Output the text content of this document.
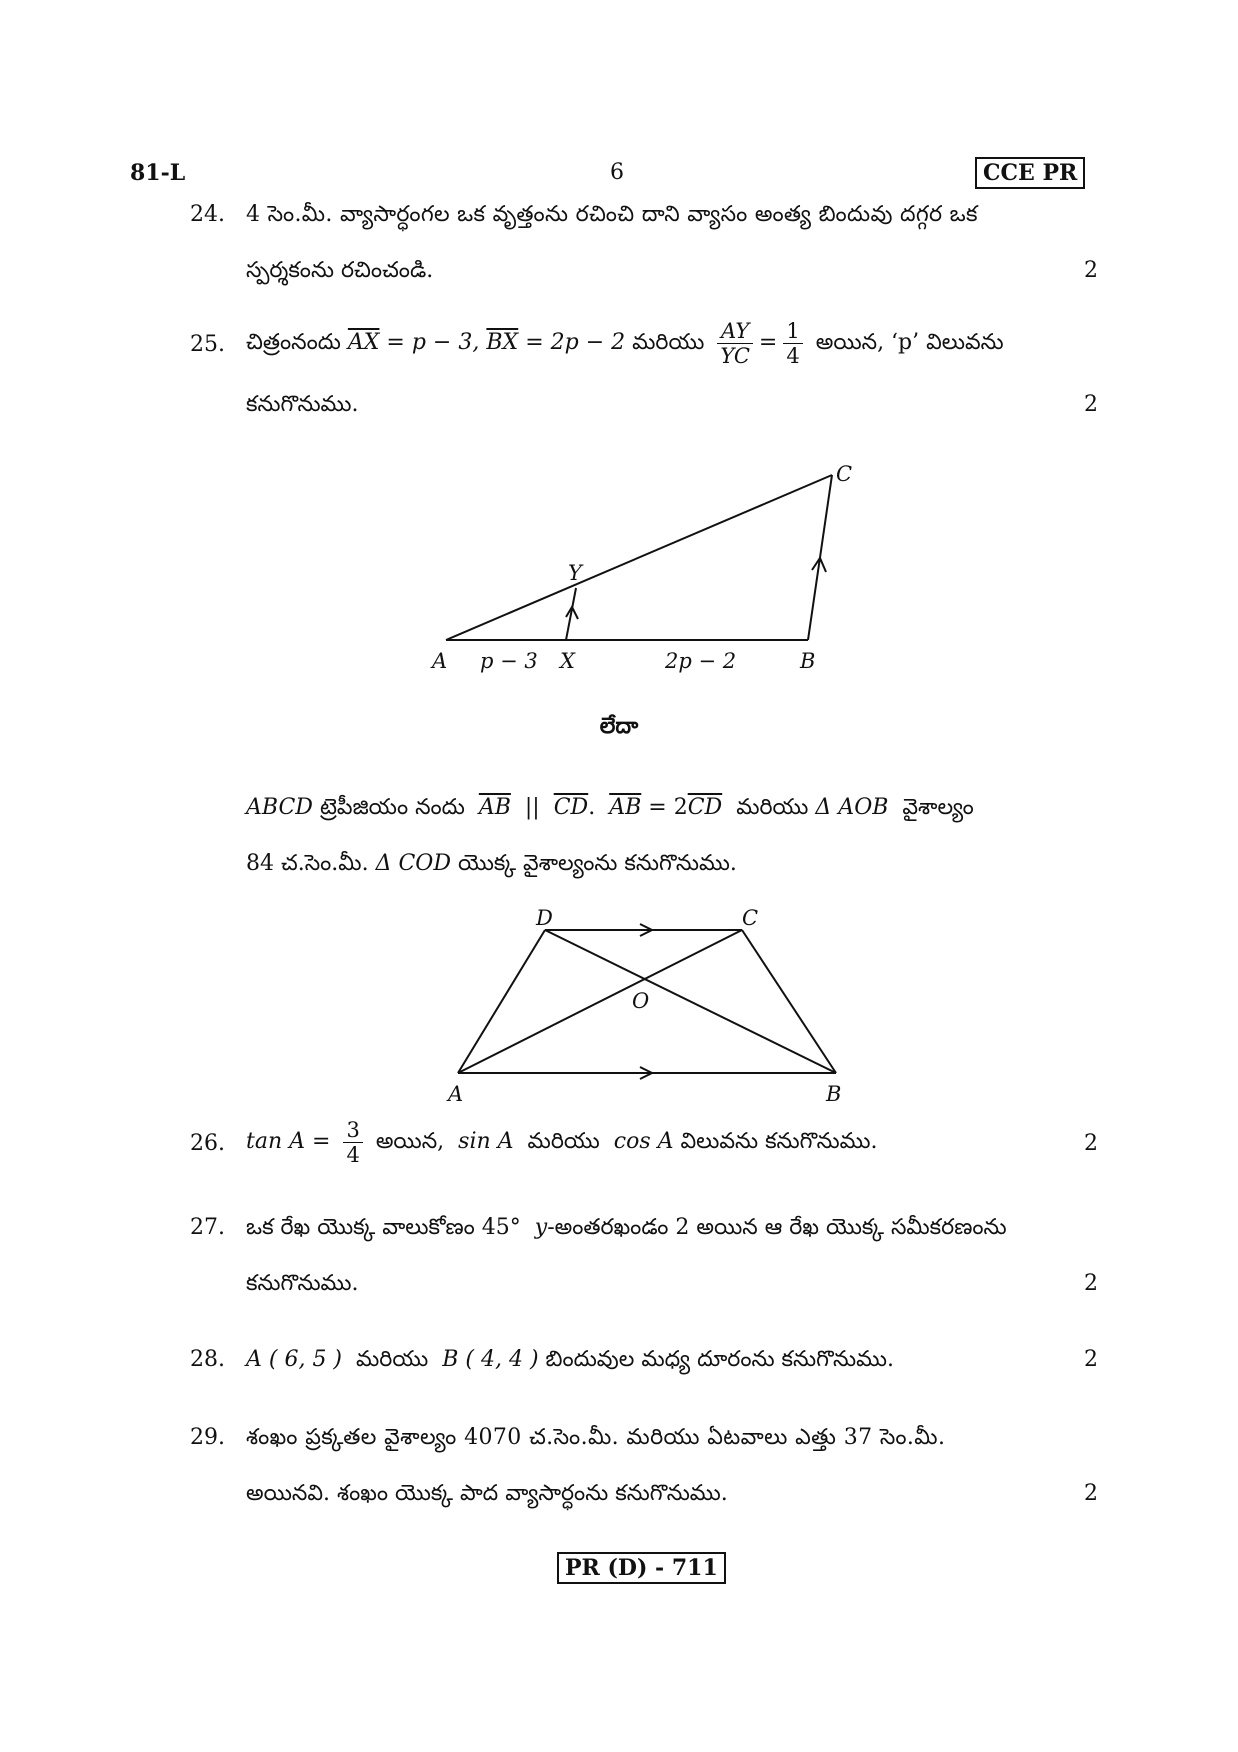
81-L	6	CCE PR
24. 4 సెం.మీ. వ్యాసార్ధంగల ఒక వృత్తంను రచించి దాని వ్యాసం అంత్య బిందువు దగ్గర ఒక
స్పర్శకంను రచించండి.	2
25. చిత్రంనందు $\overline{AX} = p - 3$, $\overline{BX} = 2p - 2$ మరియు $\frac{AY}{YC} = \frac{1}{4}$ అయిన, ‘p’ విలువను
కనుగొనుము.	2
A	B
C
X
Y
p − 3	2p − 2
లేదా
ABCD ట్రెపీజియం నందు $\overline{AB}$ || $\overline{CD}$. $\overline{AB} = 2\overline{CD}$ మరియు Δ AOB వైశాల్యం
84 చ.సెం.మీ. Δ COD యొక్క వైశాల్యంను కనుగొనుము.
A	B
C
D
O
26. $\tan A = \frac{3}{4}$ అయిన, sin A మరియు cos A విలువను కనుగొనుము.	2
27. ఒక రేఖ యొక్క వాలుకోణం 45° y-అంతరఖండం 2 అయిన ఆ రేఖ యొక్క సమీకరణంను
కనుగొనుము.	2
28. A ( 6, 5 ) మరియు B ( 4, 4 ) బిందువుల మధ్య దూరంను కనుగొనుము.	2
29. శంఖం ప్రక్కతల వైశాల్యం 4070 చ.సెం.మీ. మరియు ఏటవాలు ఎత్తు 37 సెం.మీ.
అయినవి. శంఖం యొక్క పాద వ్యాసార్ధంను కనుగొనుము.	2
PR (D) - 711
